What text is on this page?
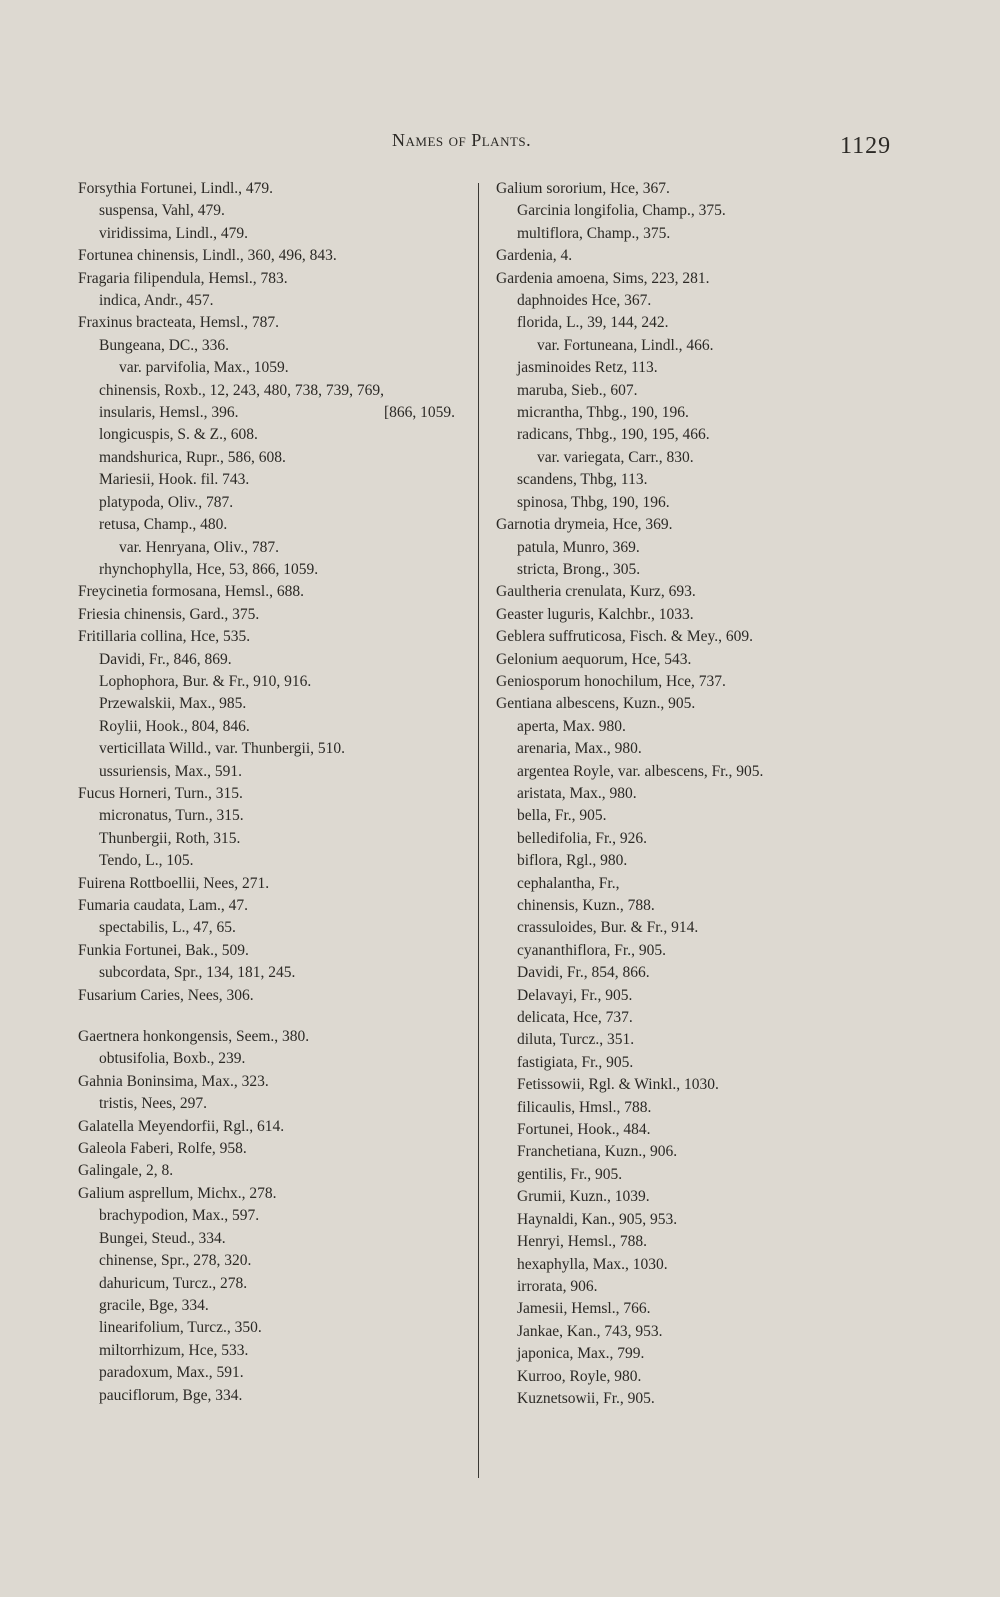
Names of Plants.	1129
Forsythia Fortunei, Lindl., 479.
suspensa, Vahl, 479.
viridissima, Lindl., 479.
Fortunea chinensis, Lindl., 360, 496, 843.
Fragaria filipendula, Hemsl., 783.
indica, Andr., 457.
Fraxinus bracteata, Hemsl., 787.
Bungeana, DC., 336.
var. parvifolia, Max., 1059.
chinensis, Roxb., 12, 243, 480, 738, 739, 769,
insularis, Hemsl., 396.	[866, 1059.
longicuspis, S. & Z., 608.
mandshurica, Rupr., 586, 608.
Mariesii, Hook. fil. 743.
platypoda, Oliv., 787.
retusa, Champ., 480.
var. Henryana, Oliv., 787.
rhynchophylla, Hce, 53, 866, 1059.
Freycinetia formosana, Hemsl., 688.
Friesia chinensis, Gard., 375.
Fritillaria collina, Hce, 535.
Davidi, Fr., 846, 869.
Lophophora, Bur. & Fr., 910, 916.
Przewalskii, Max., 985.
Roylii, Hook., 804, 846.
verticillata Willd., var. Thunbergii, 510.
ussuriensis, Max., 591.
Fucus Horneri, Turn., 315.
micronatus, Turn., 315.
Thunbergii, Roth, 315.
Tendo, L., 105.
Fuirena Rottboellii, Nees, 271.
Fumaria caudata, Lam., 47.
spectabilis, L., 47, 65.
Funkia Fortunei, Bak., 509.
subcordata, Spr., 134, 181, 245.
Fusarium Caries, Nees, 306.
Gaertnera honkongensis, Seem., 380.
obtusifolia, Boxb., 239.
Gahnia Boninsima, Max., 323.
tristis, Nees, 297.
Galatella Meyendorfii, Rgl., 614.
Galeola Faberi, Rolfe, 958.
Galingale, 2, 8.
Galium asprellum, Michx., 278.
brachypodion, Max., 597.
Bungei, Steud., 334.
chinense, Spr., 278, 320.
dahuricum, Turcz., 278.
gracile, Bge, 334.
linearifolium, Turcz., 350.
miltorrhizum, Hce, 533.
paradoxum, Max., 591.
pauciflorum, Bge, 334.
Galium sororium, Hce, 367.
Garcinia longifolia, Champ., 375.
multiflora, Champ., 375.
Gardenia, 4.
Gardenia amoena, Sims, 223, 281.
daphnoides Hce, 367.
florida, L., 39, 144, 242.
var. Fortuneana, Lindl., 466.
jasminoides Retz, 113.
maruba, Sieb., 607.
micrantha, Thbg., 190, 196.
radicans, Thbg., 190, 195, 466.
var. variegata, Carr., 830.
scandens, Thbg, 113.
spinosa, Thbg, 190, 196.
Garnotia drymeia, Hce, 369.
patula, Munro, 369.
stricta, Brong., 305.
Gaultheria crenulata, Kurz, 693.
Geaster luguris, Kalchbr., 1033.
Geblera suffruticosa, Fisch. & Mey., 609.
Gelonium aequorum, Hce, 543.
Geniosporum honochilum, Hce, 737.
Gentiana albescens, Kuzn., 905.
aperta, Max. 980.
arenaria, Max., 980.
argentea Royle, var. albescens, Fr., 905.
aristata, Max., 980.
bella, Fr., 905.
belledifolia, Fr., 926.
biflora, Rgl., 980.
cephalantha, Fr.,
chinensis, Kuzn., 788.
crassuloides, Bur. & Fr., 914.
cyananthiflora, Fr., 905.
Davidi, Fr., 854, 866.
Delavayi, Fr., 905.
delicata, Hce, 737.
diluta, Turcz., 351.
fastigiata, Fr., 905.
Fetissowii, Rgl. & Winkl., 1030.
filicaulis, Hmsl., 788.
Fortunei, Hook., 484.
Franchetiana, Kuzn., 906.
gentilis, Fr., 905.
Grumii, Kuzn., 1039.
Haynaldi, Kan., 905, 953.
Henryi, Hemsl., 788.
hexaphylla, Max., 1030.
irrorata, 906.
Jamesii, Hemsl., 766.
Jankae, Kan., 743, 953.
japonica, Max., 799.
Kurroo, Royle, 980.
Kuznetsowii, Fr., 905.
